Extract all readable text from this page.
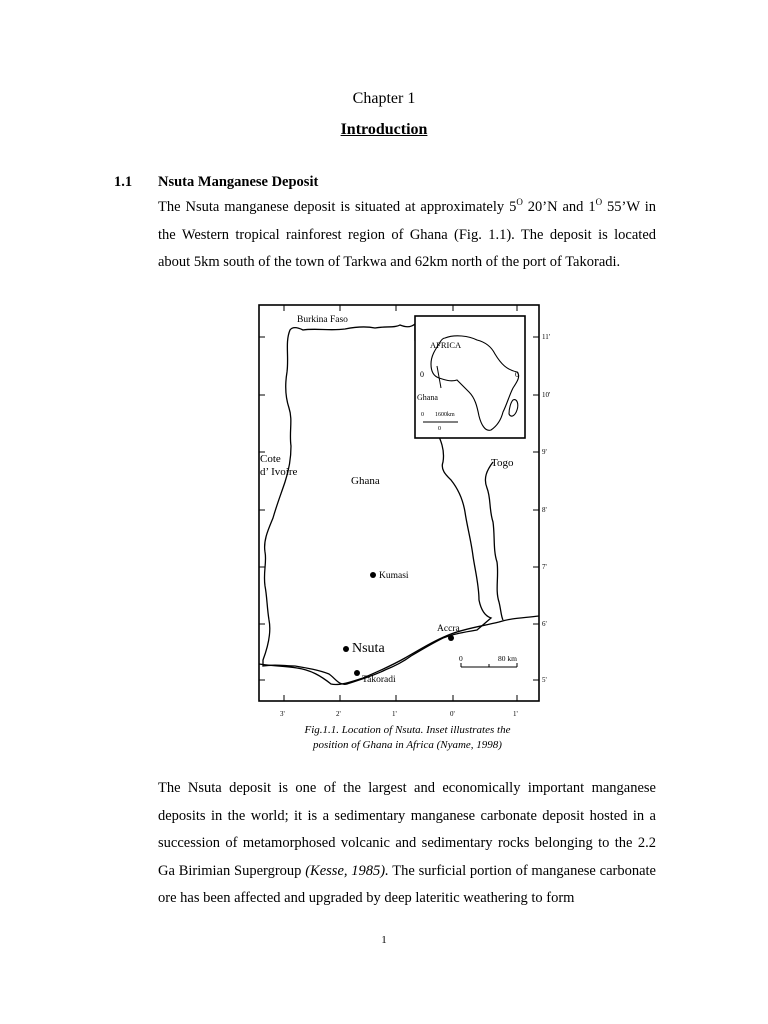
Chapter 1
Introduction
1.1 Nsuta Manganese Deposit
The Nsuta manganese deposit is situated at approximately $5^O$ 20’N and $1^O$ 55’W in the Western tropical rainforest region of Ghana (Fig. 1.1). The deposit is located about 5km south of the town of Tarkwa and 62km north of the port of Takoradi.
AFRICA
0	0
Ghana
0 1600km
0
Burkina Faso
Cote
d’ Ivoire
Ghana
Togo
Kumasi
Accra
Nsuta
Takoradi
0	80 km
11'
10'
9'
8'
7'
6'
5'
3'	2'	1'	0'	1'
Fig.1.1. Location of Nsuta. Inset illustrates the
position of Ghana in Africa (Nyame, 1998)
The Nsuta deposit is one of the largest and economically important manganese deposits in the world; it is a sedimentary manganese carbonate deposit hosted in a succession of metamorphosed volcanic and sedimentary rocks belonging to the 2.2 Ga Birimian Supergroup (Kesse, 1985). The surficial portion of manganese carbonate ore has been affected and upgraded by deep lateritic weathering to form
1
